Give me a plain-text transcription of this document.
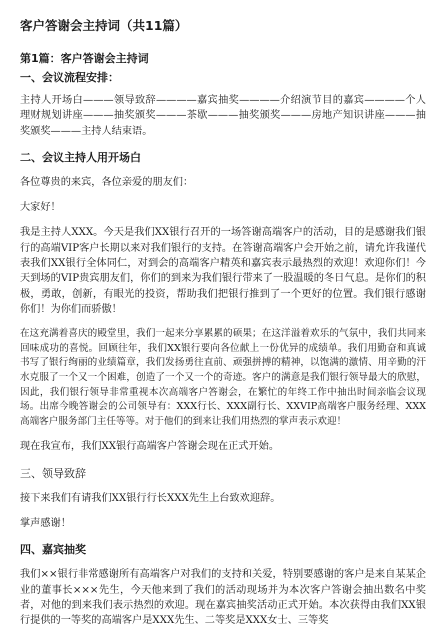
客户答谢会主持词（共11篇）
第1篇：客户答谢会主持词
一、会议流程安排：

主持人开场白———领导致辞————嘉宾抽奖————介绍演节目的嘉宾————个人理财规划讲座———抽奖颁奖———茶歇———抽奖颁奖———房地产知识讲座———抽奖颁奖———主持人结束语。

二、会议主持人用开场白

各位尊贵的来宾，各位亲爱的朋友们：

大家好！

我是主持人XXX。今天是我们XX银行召开的一场答谢高端客户的活动，目的是感谢我们银行的高端VIP客户长期以来对我们银行的支持。在答谢高端客户会开始之前，请允许我谨代表我们XX银行全体同仁，对到会的高端客户精英和嘉宾表示最热烈的欢迎！欢迎你们！今天到场的VIP贵宾朋友们，你们的到来为我们银行带来了一股温暖的冬日气息。是你们的积极，勇敢，创新，有眼光的投资，帮助我们把银行推到了一个更好的位置。我们银行感谢你们！为你们而骄傲！

在这充满着喜庆的殿堂里，我们一起来分享累累的硕果；在这洋溢着欢乐的气氛中，我们共同来回味成功的喜悦。回顾往年，我们XX银行要向各位献上一份优异的成绩单。我们用勤奋和真诚书写了银行绚丽的业绩篇章，我们发扬勇往直前、顽强拼搏的精神，以饱满的激情、用辛勤的汗水克服了一个又一个困难，创造了一个又一个的奇迹。客户的满意是我们银行领导最大的欣慰，因此，我们银行领导非常重视本次高端客户答谢会，在繁忙的年终工作中抽出时间亲临会议现场。出席今晚答谢会的公司领导有：XXX行长、XXX副行长、XXVIP高端客户服务经理、XXX高端客户服务部门主任等等。对于他们的到来让我们用热烈的掌声表示欢迎！

现在我宣布，我们XX银行高端客户答谢会现在正式开始。

三、领导致辞

接下来我们有请我们XX银行行长XXX先生上台致欢迎辞。

掌声感谢！

四、嘉宾抽奖

我们××银行非常感谢所有高端客户对我们的支持和关爱，特别要感谢的客户是来自某某企业的董事长×××先生，今天他来到了我们的活动现场并为本次客户答谢会抽出数名中奖者，对他的到来我们表示热烈的欢迎。现在嘉宾抽奖活动正式开始。本次获得由我们XX银行提供的一等奖的高端客户是XXX先生、二等奖是XXX女士、三等奖
